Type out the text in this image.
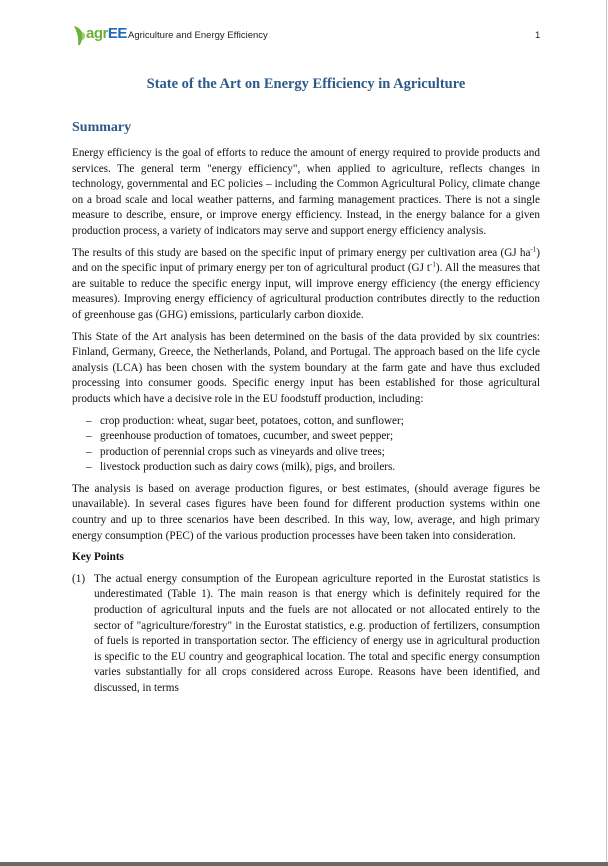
agrEE Agriculture and Energy Efficiency	1
State of the Art on Energy Efficiency in Agriculture
Summary

Energy efficiency is the goal of efforts to reduce the amount of energy required to provide products and services. The general term "energy efficiency", when applied to agriculture, reflects changes in technology, governmental and EC policies – including the Common Agricultural Policy, climate change on a broad scale and local weather patterns, and farming management practices. There is not a single measure to describe, ensure, or improve energy efficiency. Instead, in the energy balance for a given production process, a variety of indicators may serve and support energy efficiency analysis.

The results of this study are based on the specific input of primary energy per cultivation area (GJ $ha^{-1}$) and on the specific input of primary energy per ton of agricultural product (GJ $t^{-1}$). All the measures that are suitable to reduce the specific energy input, will improve energy efficiency (the energy efficiency measures). Improving energy efficiency of agricultural production contributes directly to the reduction of greenhouse gas (GHG) emissions, particularly carbon dioxide.

This State of the Art analysis has been determined on the basis of the data provided by six countries: Finland, Germany, Greece, the Netherlands, Poland, and Portugal. The approach based on the life cycle analysis (LCA) has been chosen with the system boundary at the farm gate and have thus excluded processing into consumer goods. Specific energy input has been established for those agricultural products which have a decisive role in the EU foodstuff production, including:

– crop production: wheat, sugar beet, potatoes, cotton, and sunflower;
– greenhouse production of tomatoes, cucumber, and sweet pepper;
– production of perennial crops such as vineyards and olive trees;
– livestock production such as dairy cows (milk), pigs, and broilers.

The analysis is based on average production figures, or best estimates, (should average figures be unavailable). In several cases figures have been found for different production systems within one country and up to three scenarios have been described. In this way, low, average, and high primary energy consumption (PEC) of the various production processes have been taken into consideration.

Key Points
(1) The actual energy consumption of the European agriculture reported in the Eurostat statistics is underestimated (Table 1). The main reason is that energy which is definitely required for the production of agricultural inputs and the fuels are not allocated or not allocated entirely to the sector of "agriculture/forestry" in the Eurostat statistics, e.g. production of fertilizers, consumption of fuels is reported in transportation sector. The efficiency of energy use in agricultural production is specific to the EU country and geographical location. The total and specific energy consumption varies substantially for all crops considered across Europe. Reasons have been identified, and discussed, in terms
